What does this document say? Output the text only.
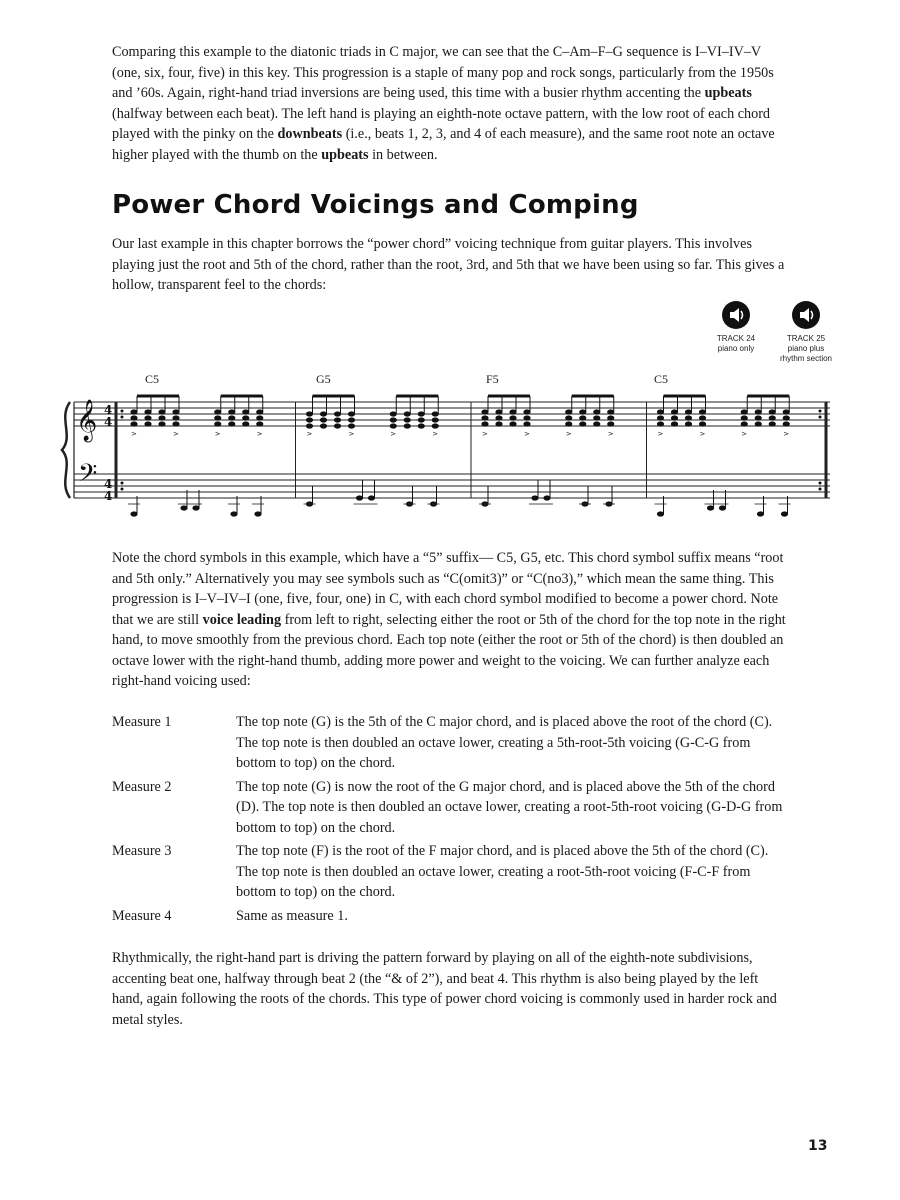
Comparing this example to the diatonic triads in C major, we can see that the C–Am–F–G sequence is I–VI–IV–V (one, six, four, five) in this key. This progression is a staple of many pop and rock songs, particularly from the 1950s and ’60s. Again, right-hand triad inversions are being used, this time with a busier rhythm accenting the upbeats (halfway between each beat). The left hand is playing an eighth-note octave pattern, with the low root of each chord played with the pinky on the downbeats (i.e., beats 1, 2, 3, and 4 of each measure), and the same root note an octave higher played with the thumb on the upbeats in between.

Power Chord Voicings and Comping

Our last example in this chapter borrows the “power chord” voicing technique from guitar players. This involves playing just the root and 5th of the chord, rather than the root, 3rd, and 5th that we have been using so far. This gives a hollow, transparent feel to the chords:

TRACK 24
piano only
TRACK 25
piano plus rhythm section
C5	G5	F5	C5
𝄞
𝄢
4
4
4
4
>	>	>	>	>	>	>	>	>	>	>	>	>	>	>	>

Note the chord symbols in this example, which have a “5” suffix— C5, G5, etc. This chord symbol suffix means “root and 5th only.” Alternatively you may see symbols such as “C(omit3)” or “C(no3),” which mean the same thing. This progression is I–V–IV–I (one, five, four, one) in C, with each chord symbol modified to become a power chord. Note that we are still voice leading from left to right, selecting either the root or 5th of the chord for the top note in the right hand, to move smoothly from the previous chord. Each top note (either the root or 5th of the chord) is then doubled an octave lower with the right-hand thumb, adding more power and weight to the voicing. We can further analyze each right-hand voicing used:

Measure 1	The top note (G) is the 5th of the C major chord, and is placed above the root of the chord (C). The top note is then doubled an octave lower, creating a 5th-root-5th voicing (G-C-G from bottom to top) on the chord.
Measure 2	The top note (G) is now the root of the G major chord, and is placed above the 5th of the chord (D). The top note is then doubled an octave lower, creating a root-5th-root voicing (G-D-G from bottom to top) on the chord.
Measure 3	The top note (F) is the root of the F major chord, and is placed above the 5th of the chord (C). The top note is then doubled an octave lower, creating a root-5th-root voicing (F-C-F from bottom to top) on the chord.
Measure 4	Same as measure 1.

Rhythmically, the right-hand part is driving the pattern forward by playing on all of the eighth-note subdivisions, accenting beat one, halfway through beat 2 (the “& of 2”), and beat 4. This rhythm is also being played by the left hand, again following the roots of the chords. This type of power chord voicing is commonly used in harder rock and metal styles.

13
